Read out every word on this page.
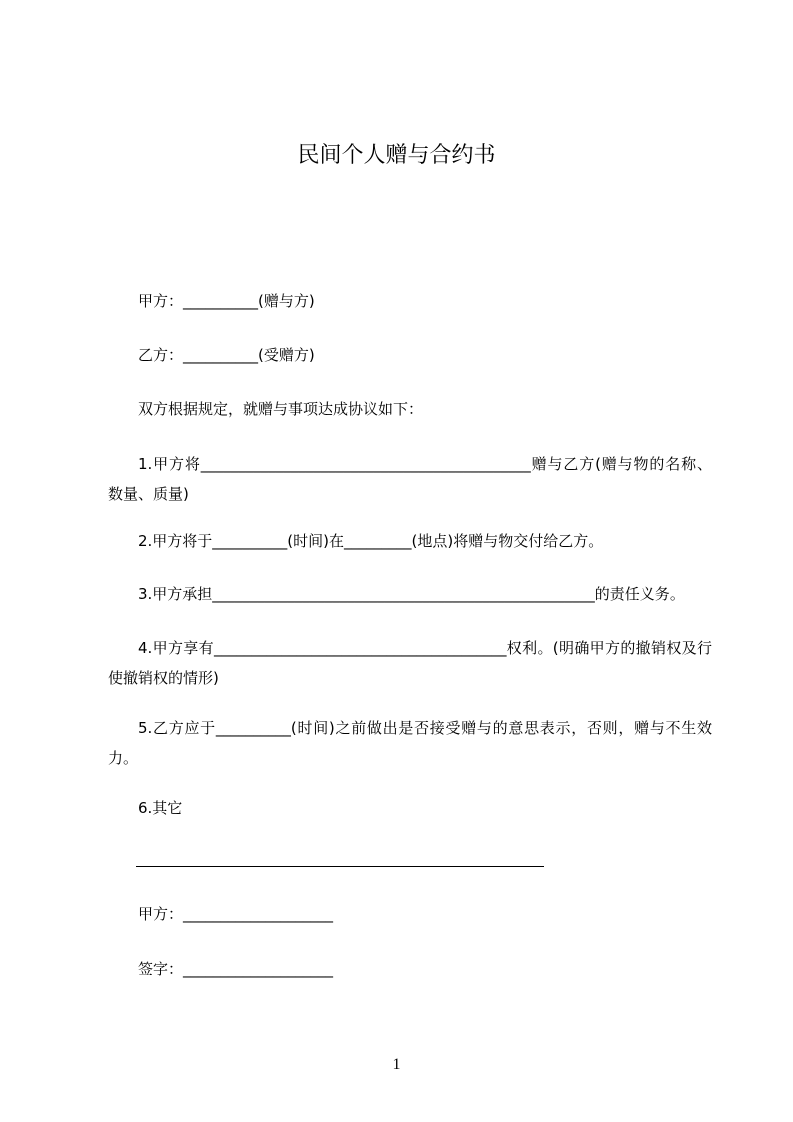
民间个人赠与合约书
甲方：__________(赠与方)
乙方：__________(受赠方)
双方根据规定，就赠与事项达成协议如下：
1.甲方将____________________________________________赠与乙方(赠与物的名称、数量、质量)
2.甲方将于__________(时间)在_________(地点)将赠与物交付给乙方。
3.甲方承担___________________________________________________的责任义务。
4.甲方享有_______________________________________权利。(明确甲方的撤销权及行使撤销权的情形)
5.乙方应于__________(时间)之前做出是否接受赠与的意思表示，否则，赠与不生效力。
6.其它
甲方：____________________
签字：____________________
1
